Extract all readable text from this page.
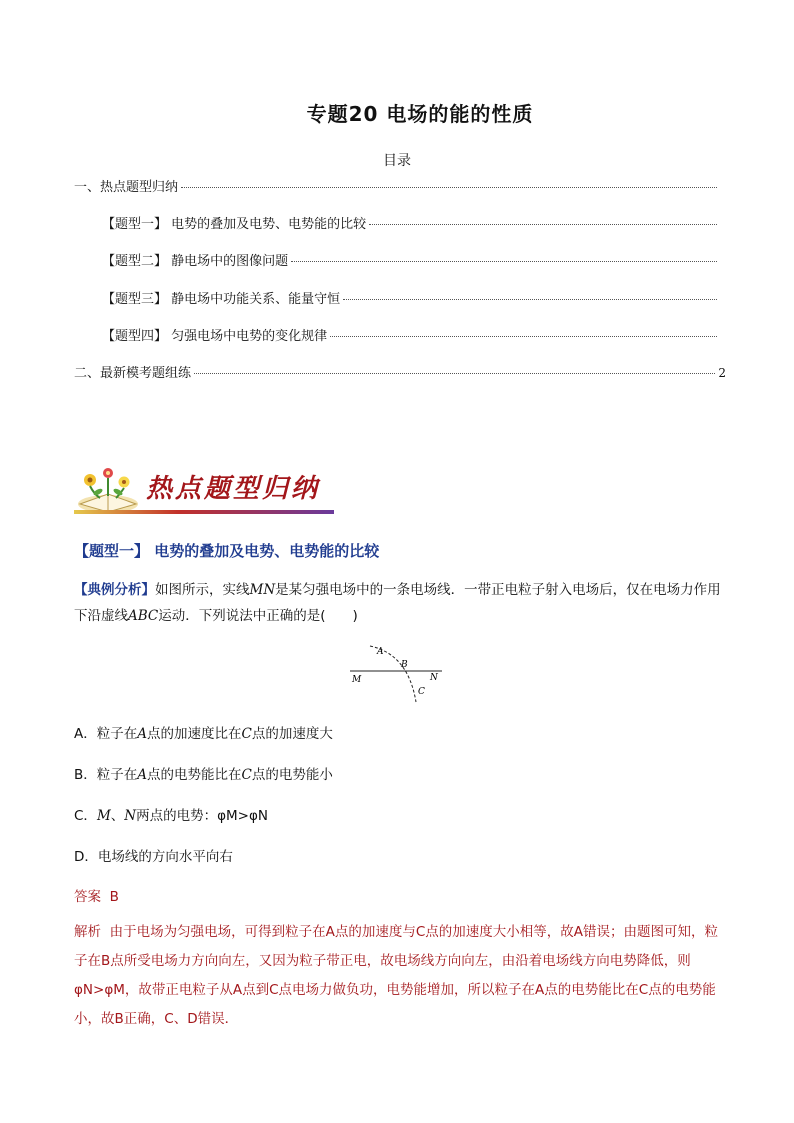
专题20 电场的能的性质
目录
一、热点题型归纳
【题型一】 电势的叠加及电势、电势能的比较
【题型二】 静电场中的图像问题
【题型三】 静电场中功能关系、能量守恒
【题型四】 匀强电场中电势的变化规律
二、最新模考题组练	2
热点题型归纳
【题型一】 电势的叠加及电势、电势能的比较
【典例分析】如图所示，实线MN是某匀强电场中的一条电场线．一带正电粒子射入电场后，仅在电场力作用下沿虚线ABC运动．下列说法中正确的是(　　)
A
B
M	N
C
A．粒子在A点的加速度比在C点的加速度大
B．粒子在A点的电势能比在C点的电势能小
C．M、N两点的电势：φM>φN
D．电场线的方向水平向右
答案 B
解析 由于电场为匀强电场，可得到粒子在A点的加速度与C点的加速度大小相等，故A错误；由题图可知，粒子在B点所受电场力方向向左，又因为粒子带正电，故电场线方向向左，由沿着电场线方向电势降低，则φN>φM，故带正电粒子从A点到C点电场力做负功，电势能增加，所以粒子在A点的电势能比在C点的电势能小，故B正确，C、D错误．
